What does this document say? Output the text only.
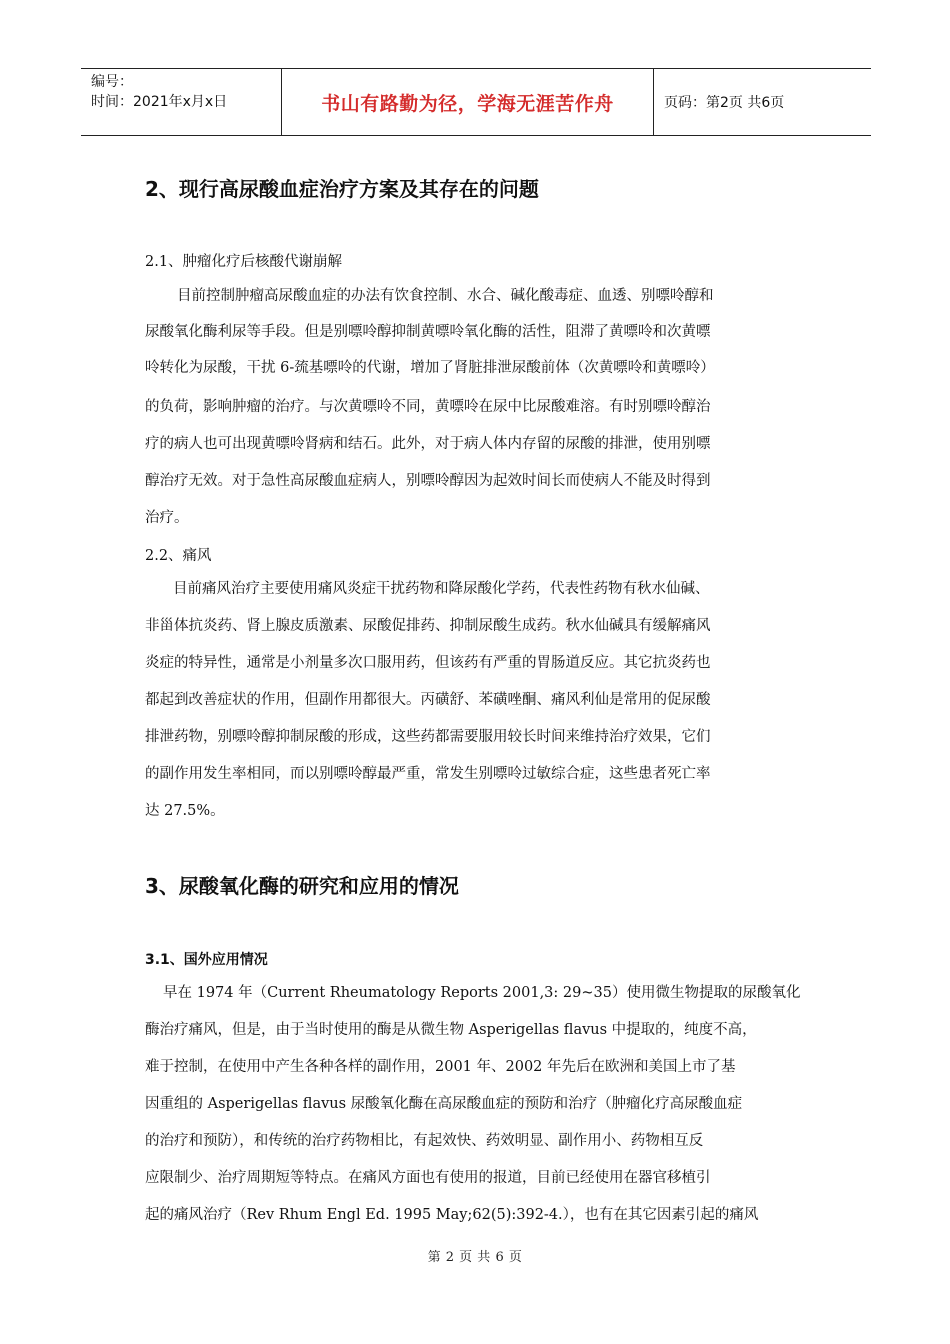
编号：
时间：2021年x月x日	书山有路勤为径，学海无涯苦作舟	页码：第2页 共6页
2、现行高尿酸血症治疗方案及其存在的问题
2.1、肿瘤化疗后核酸代谢崩解
目前控制肿瘤高尿酸血症的办法有饮食控制、水合、碱化酸毒症、血透、别嘌呤醇和
尿酸氧化酶利尿等手段。但是别嘌呤醇抑制黄嘌呤氧化酶的活性，阻滞了黄嘌呤和次黄嘌
呤转化为尿酸，干扰 6-巯基嘌呤的代谢，增加了肾脏排泄尿酸前体（次黄嘌呤和黄嘌呤）
的负荷，影响肿瘤的治疗。与次黄嘌呤不同，黄嘌呤在尿中比尿酸难溶。有时别嘌呤醇治
疗的病人也可出现黄嘌呤肾病和结石。此外，对于病人体内存留的尿酸的排泄，使用别嘌
醇治疗无效。对于急性高尿酸血症病人，别嘌呤醇因为起效时间长而使病人不能及时得到
治疗。
2.2、痛风
目前痛风治疗主要使用痛风炎症干扰药物和降尿酸化学药，代表性药物有秋水仙碱、
非甾体抗炎药、肾上腺皮质激素、尿酸促排药、抑制尿酸生成药。秋水仙碱具有缓解痛风
炎症的特异性，通常是小剂量多次口服用药，但该药有严重的胃肠道反应。其它抗炎药也
都起到改善症状的作用，但副作用都很大。丙磺舒、苯磺唑酮、痛风利仙是常用的促尿酸
排泄药物，别嘌呤醇抑制尿酸的形成，这些药都需要服用较长时间来维持治疗效果，它们
的副作用发生率相同，而以别嘌呤醇最严重，常发生别嘌呤过敏综合症，这些患者死亡率
达 27.5%。
3、尿酸氧化酶的研究和应用的情况
3.1、国外应用情况
早在 1974 年（Current Rheumatology Reports 2001,3: 29~35）使用微生物提取的尿酸氧化
酶治疗痛风，但是，由于当时使用的酶是从微生物 Asperigellas flavus 中提取的，纯度不高，
难于控制，在使用中产生各种各样的副作用，2001 年、2002 年先后在欧洲和美国上市了基
因重组的 Asperigellas flavus 尿酸氧化酶在高尿酸血症的预防和治疗（肿瘤化疗高尿酸血症
的治疗和预防），和传统的治疗药物相比，有起效快、药效明显、副作用小、药物相互反
应限制少、治疗周期短等特点。在痛风方面也有使用的报道，目前已经使用在器官移植引
起的痛风治疗（Rev Rhum Engl Ed. 1995 May;62(5):392-4.），也有在其它因素引起的痛风
第 2 页 共 6 页
